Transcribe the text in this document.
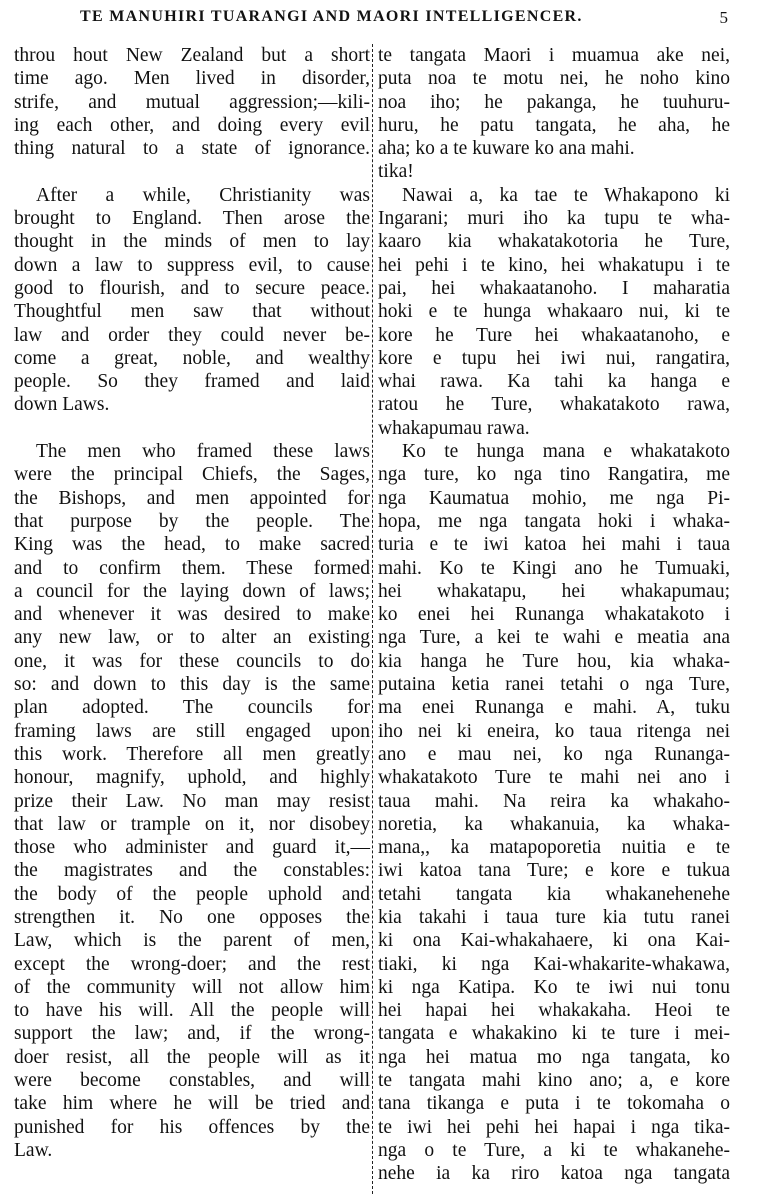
TE MANUHIRI TUARANGI AND MAORI INTELLIGENCER.	5
throu hout New Zealand but a short
time ago. Men lived in disorder,
strife, and mutual aggression;—kili-
ing each other, and doing every evil
thing natural to a state of ignorance.
After a while, Christianity was
brought to England. Then arose the
thought in the minds of men to lay
down a law to suppress evil, to cause
good to flourish, and to secure peace.
Thoughtful men saw that without
law and order they could never be-
come a great, noble, and wealthy
people. So they framed and laid
down Laws.
The men who framed these laws
were the principal Chiefs, the Sages,
the Bishops, and men appointed for
that purpose by the people. The
King was the head, to make sacred
and to confirm them. These formed
a council for the laying down of laws;
and whenever it was desired to make
any new law, or to alter an existing
one, it was for these councils to do
so: and down to this day is the same
plan adopted. The councils for
framing laws are still engaged upon
this work. Therefore all men greatly
honour, magnify, uphold, and highly
prize their Law. No man may resist
that law or trample on it, nor disobey
those who administer and guard it,—
the magistrates and the constables:
the body of the people uphold and
strengthen it. No one opposes the
Law, which is the parent of men,
except the wrong-doer; and the rest
of the community will not allow him
to have his will. All the people will
support the law; and, if the wrong-
doer resist, all the people will as it
were become constables, and will
take him where he will be tried and
punished for his offences by the
Law.
te tangata Maori i muamua ake nei,
puta noa te motu nei, he noho kino
noa iho; he pakanga, he tuuhuru-
huru, he patu tangata, he aha, he
aha; ko a te kuware ko ana mahi.
tika!
Nawai a, ka tae te Whakapono ki
Ingarani; muri iho ka tupu te wha-
kaaro kia whakatakotoria he Ture,
hei pehi i te kino, hei whakatupu i te
pai, hei whakaatanoho. I maharatia
hoki e te hunga whakaaro nui, ki te
kore he Ture hei whakaatanoho, e
kore e tupu hei iwi nui, rangatira,
whai rawa. Ka tahi ka hanga e
ratou he Ture, whakatakoto rawa,
whakapumau rawa.
Ko te hunga mana e whakatakoto
nga ture, ko nga tino Rangatira, me
nga Kaumatua mohio, me nga Pi-
hopa, me nga tangata hoki i whaka-
turia e te iwi katoa hei mahi i taua
mahi. Ko te Kingi ano he Tumuaki,
hei whakatapu, hei whakapumau;
ko enei hei Runanga whakatakoto i
nga Ture, a kei te wahi e meatia ana
kia hanga he Ture hou, kia whaka-
putaina ketia ranei tetahi o nga Ture,
ma enei Runanga e mahi. A, tuku
iho nei ki eneira, ko taua ritenga nei
ano e mau nei, ko nga Runanga-
whakatakoto Ture te mahi nei ano i
taua mahi. Na reira ka whakaho-
noretia, ka whakanuia, ka whaka-
mana,, ka matapoporetia nuitia e te
iwi katoa tana Ture; e kore e tukua
tetahi tangata kia whakanehenehe
kia takahi i taua ture kia tutu ranei
ki ona Kai-whakahaere, ki ona Kai-
tiaki, ki nga Kai-whakarite-whakawa,
ki nga Katipa. Ko te iwi nui tonu
hei hapai hei whakakaha. Heoi te
tangata e whakakino ki te ture i mei-
nga hei matua mo nga tangata, ko
te tangata mahi kino ano; a, e kore
tana tikanga e puta i te tokomaha o
te iwi hei pehi hei hapai i nga tika-
nga o te Ture, a ki te whakanehe-
nehe ia ka riro katoa nga tangata
